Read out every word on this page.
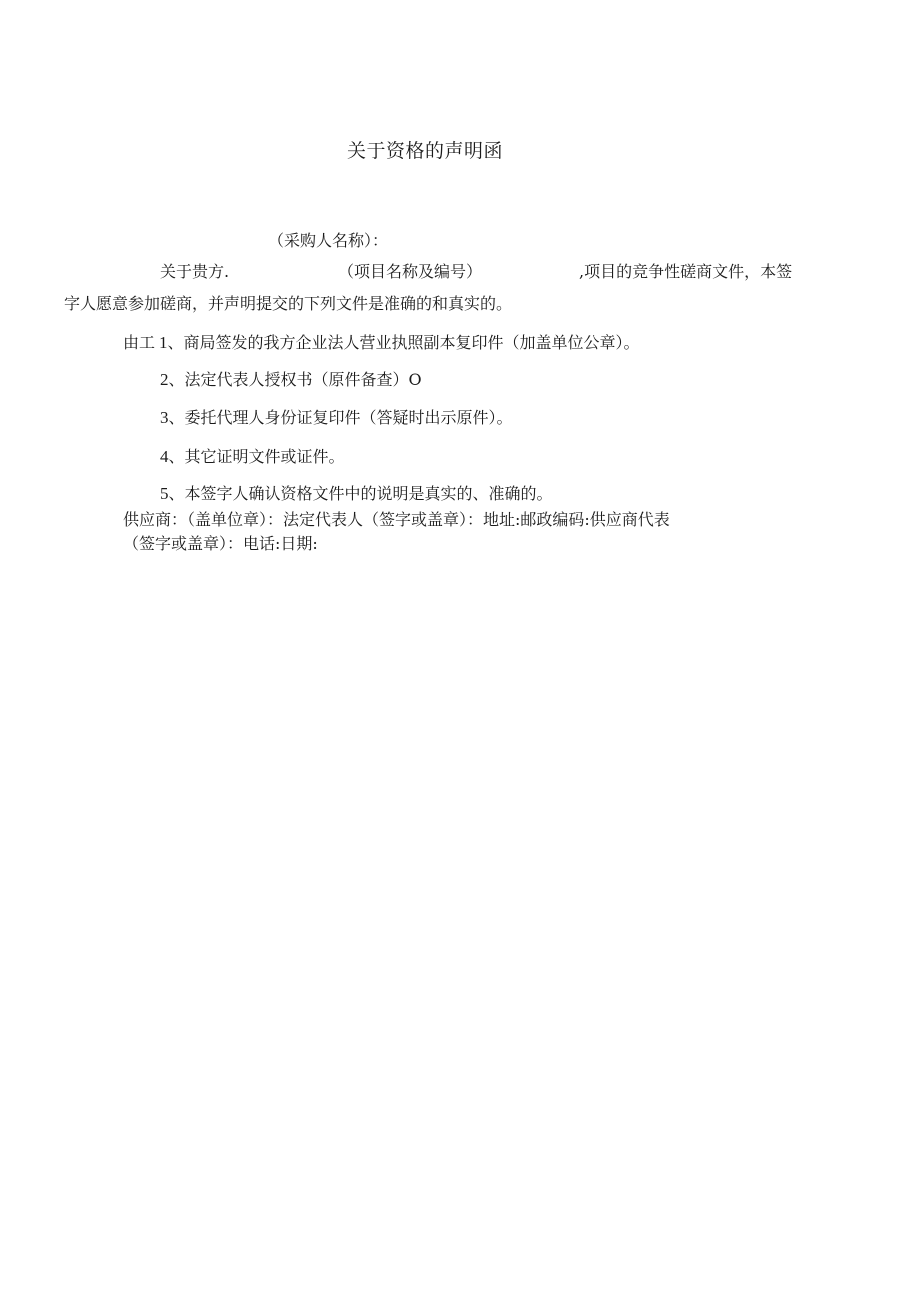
关于资格的声明函
（采购人名称）：
关于贵方.	（项目名称及编号）	,项目的竞争性磋商文件，本签
字人愿意参加磋商，并声明提交的下列文件是准确的和真实的。
由工 1、商局签发的我方企业法人营业执照副本复印件（加盖单位公章）。
2、法定代表人授权书（原件备查）O
3、委托代理人身份证复印件（答疑时出示原件）。
4、其它证明文件或证件。
5、本签字人确认资格文件中的说明是真实的、准确的。
供应商：（盖单位章）：法定代表人（签字或盖章）：地址:邮政编码:供应商代表
（签字或盖章）：电话:日期:
